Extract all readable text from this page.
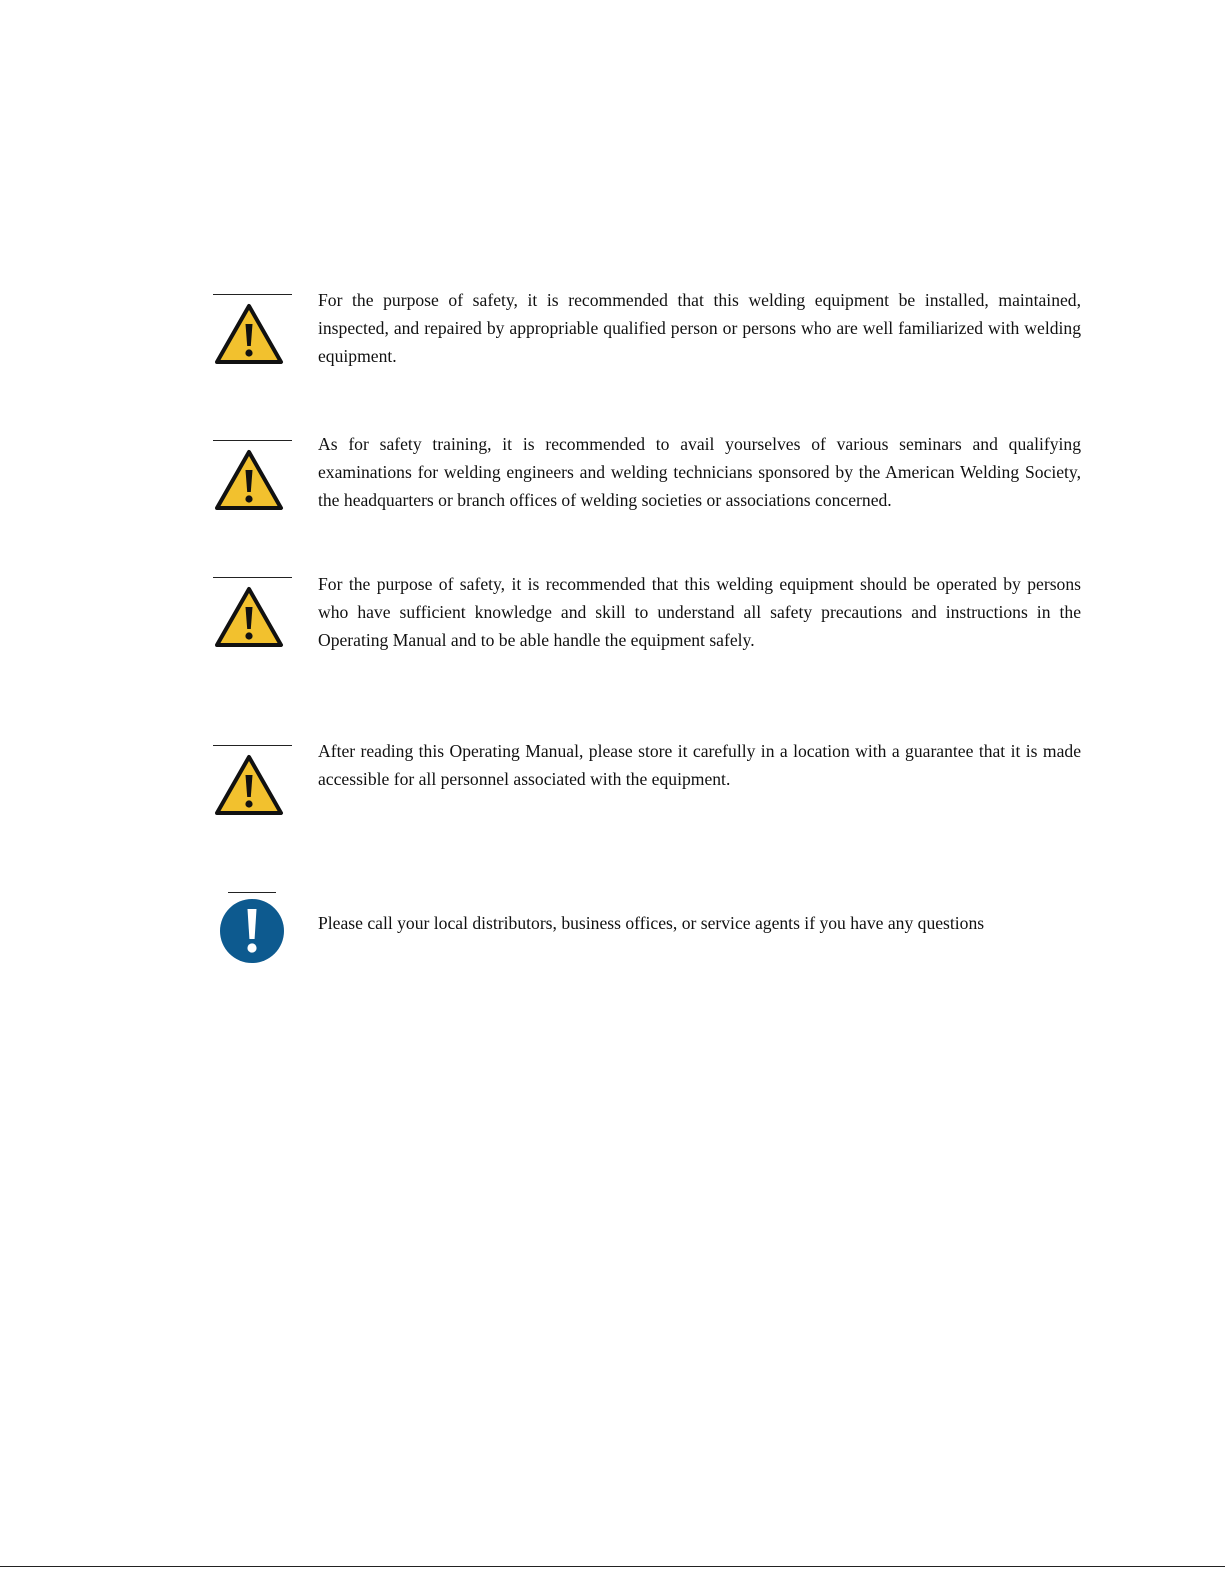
For the purpose of safety, it is recommended that this welding equipment be installed, maintained, inspected, and repaired by appropriable qualified person or persons who are well familiarized with welding equipment.

As for safety training, it is recommended to avail yourselves of various seminars and qualifying examinations for welding engineers and welding technicians sponsored by the American Welding Society, the headquarters or branch offices of welding societies or associations concerned.

For the purpose of safety, it is recommended that this welding equipment should be operated by persons who have sufficient knowledge and skill to understand all safety precautions and instructions in the Operating Manual and to be able handle the equipment safely.

After reading this Operating Manual, please store it carefully in a location with a guarantee that it is made accessible for all personnel associated with the equipment.

Please call your local distributors, business offices, or service agents if you have any questions
